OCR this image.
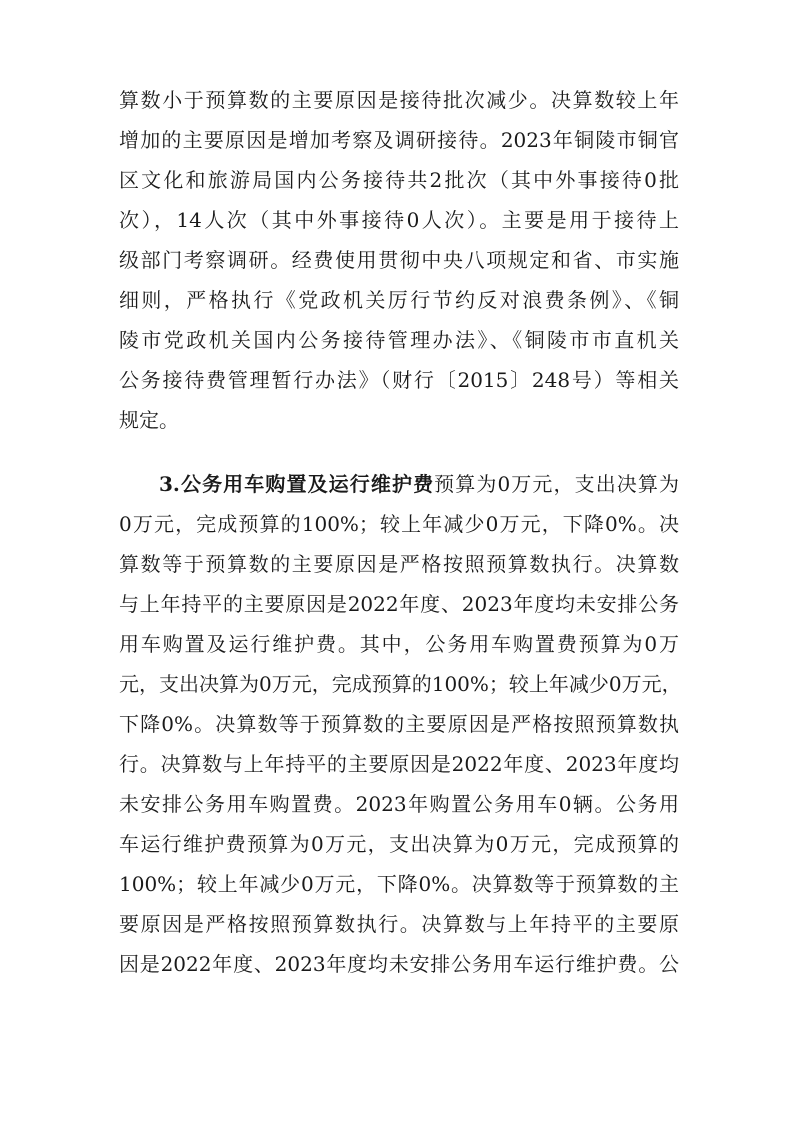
算数小于预算数的主要原因是接待批次减少。决算数较上年
增加的主要原因是增加考察及调研接待。2023年铜陵市铜官
区文化和旅游局国内公务接待共2批次（其中外事接待0批
次），14人次（其中外事接待0人次）。主要是用于接待上
级部门考察调研。经费使用贯彻中央八项规定和省、市实施
细则，严格执行《党政机关厉行节约反对浪费条例》、《铜
陵市党政机关国内公务接待管理办法》、《铜陵市市直机关
公务接待费管理暂行办法》（财行〔2015〕248号）等相关
规定。
3.公务用车购置及运行维护费预算为0万元，支出决算为
0万元，完成预算的100%；较上年减少0万元，下降0%。决
算数等于预算数的主要原因是严格按照预算数执行。决算数
与上年持平的主要原因是2022年度、2023年度均未安排公务
用车购置及运行维护费。其中，公务用车购置费预算为0万
元，支出决算为0万元，完成预算的100%；较上年减少0万元，
下降0%。决算数等于预算数的主要原因是严格按照预算数执
行。决算数与上年持平的主要原因是2022年度、2023年度均
未安排公务用车购置费。2023年购置公务用车0辆。公务用
车运行维护费预算为0万元，支出决算为0万元，完成预算的
100%；较上年减少0万元，下降0%。决算数等于预算数的主
要原因是严格按照预算数执行。决算数与上年持平的主要原
因是2022年度、2023年度均未安排公务用车运行维护费。公
